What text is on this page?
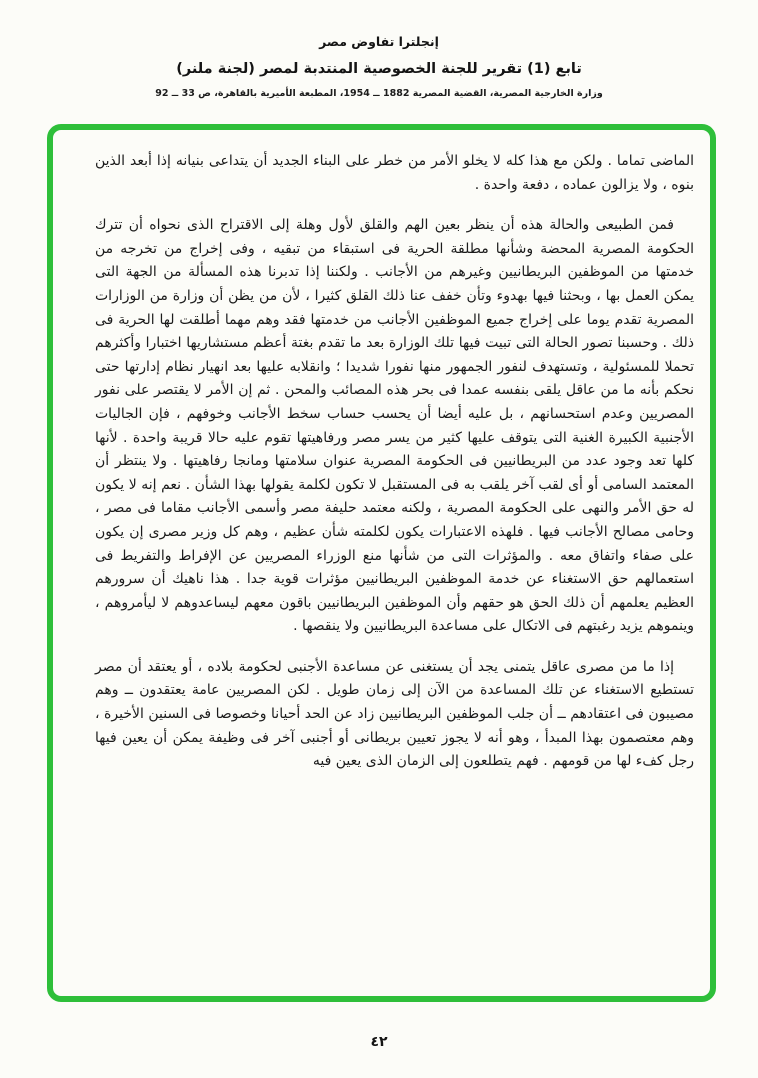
إنجلترا تفاوض مصر
تابع (1) تقرير للجنة الخصوصية المنتدبة لمصر (لجنة ملنر)
وزارة الخارجية المصرية، القضية المصرية 1882 ــ 1954، المطبعة الأميرية بالقاهرة، ص 33 ــ 92

الماضى تماما . ولكن مع هذا كله لا يخلو الأمر من خطر على البناء الجديد أن يتداعى بنيانه إذا أبعد الذين بنوه ، ولا يزالون عماده ، دفعة واحدة .

فمن الطبيعى والحالة هذه أن ينظر بعين الهم والقلق لأول وهلة إلى الاقتراح الذى نحواه أن تترك الحكومة المصرية المحضة وشأنها مطلقة الحرية فى استبقاء من تبقيه ، وفى إخراج من تخرجه من خدمتها من الموظفين البريطانيين وغيرهم من الأجانب . ولكننا إذا تدبرنا هذه المسألة من الجهة التى يمكن العمل بها ، وبحثنا فيها بهدوء وتأن خفف عنا ذلك القلق كثيرا ، لأن من يظن أن وزارة من الوزارات المصرية تقدم يوما على إخراج جميع الموظفين الأجانب من خدمتها فقد وهم مهما أطلقت لها الحرية فى ذلك . وحسبنا تصور الحالة التى تبيت فيها تلك الوزارة بعد ما تقدم بغتة أعظم مستشاريها اختبارا وأكثرهم تحملا للمسئولية ، وتستهدف لنفور الجمهور منها نفورا شديدا ؛ وانقلابه عليها بعد انهيار نظام إدارتها حتى نحكم بأنه ما من عاقل يلقى بنفسه عمدا فى بحر هذه المصائب والمحن . ثم إن الأمر لا يقتصر على نفور المصريين وعدم استحسانهم ، بل عليه أيضا أن يحسب حساب سخط الأجانب وخوفهم ، فإن الجاليات الأجنبية الكبيرة الغنية التى يتوقف عليها كثير من يسر مصر ورفاهيتها تقوم عليه حالا قريبة واحدة . لأنها كلها تعد وجود عدد من البريطانيين فى الحكومة المصرية عنوان سلامتها ومانجا رفاهيتها . ولا ينتظر أن المعتمد السامى أو أى لقب آخر يلقب به فى المستقبل لا تكون لكلمة يقولها بهذا الشأن . نعم إنه لا يكون له حق الأمر والنهى على الحكومة المصرية ، ولكنه معتمد حليفة مصر وأسمى الأجانب مقاما فى مصر ، وحامى مصالح الأجانب فيها . فلهذه الاعتبارات يكون لكلمته شأن عظيم ، وهم كل وزير مصرى إن يكون على صفاء واتفاق معه . والمؤثرات التى من شأنها منع الوزراء المصريين عن الإفراط والتفريط فى استعمالهم حق الاستغناء عن خدمة الموظفين البريطانيين مؤثرات قوية جدا . هذا ناهيك أن سرورهم العظيم يعلمهم أن ذلك الحق هو حقهم وأن الموظفين البريطانيين باقون معهم ليساعدوهم لا ليأمروهم ، وينموهم يزيد رغبتهم فى الاتكال على مساعدة البريطانيين ولا ينقصها .

إذا ما من مصرى عاقل يتمنى يجد أن يستغنى عن مساعدة الأجنبى لحكومة بلاده ، أو يعتقد أن مصر تستطيع الاستغناء عن تلك المساعدة من الآن إلى زمان طويل . لكن المصريين عامة يعتقدون ــ وهم مصيبون فى اعتقادهم ــ أن جلب الموظفين البريطانيين زاد عن الحد أحيانا وخصوصا فى السنين الأخيرة ، وهم معتصمون بهذا المبدأ ، وهو أنه لا يجوز تعيين بريطانى أو أجنبى آخر فى وظيفة يمكن أن يعين فيها رجل كفء لها من قومهم . فهم يتطلعون إلى الزمان الذى يعين فيه

٤٢
